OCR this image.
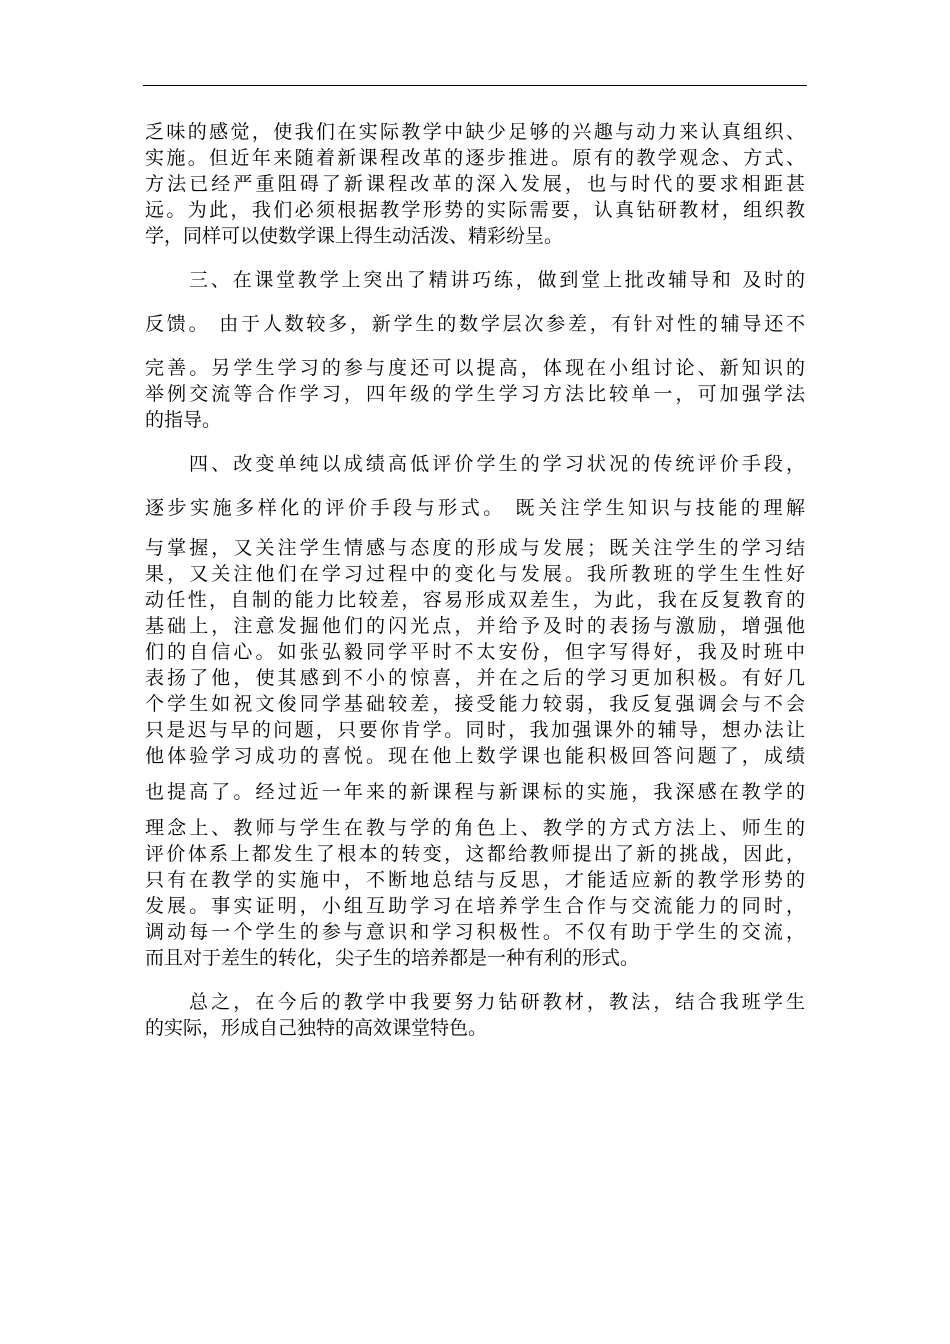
乏味的感觉，使我们在实际教学中缺少足够的兴趣与动力来认真组织、
实施。但近年来随着新课程改革的逐步推进。原有的教学观念、方式、
方法已经严重阻碍了新课程改革的深入发展，也与时代的要求相距甚
远。为此，我们必须根据教学形势的实际需要，认真钻研教材，组织教
学，同样可以使数学课上得生动活泼、精彩纷呈。
三、在课堂教学上突出了精讲巧练，做到堂上批改辅导和 及时的
反馈。 由于人数较多，新学生的数学层次参差，有针对性的辅导还不
完善。另学生学习的参与度还可以提高，体现在小组讨论、新知识的
举例交流等合作学习，四年级的学生学习方法比较单一，可加强学法
的指导。
四、改变单纯以成绩高低评价学生的学习状况的传统评价手段，
逐步实施多样化的评价手段与形式。 既关注学生知识与技能的理解
与掌握，又关注学生情感与态度的形成与发展；既关注学生的学习结
果，又关注他们在学习过程中的变化与发展。我所教班的学生生性好
动任性，自制的能力比较差，容易形成双差生，为此，我在反复教育的
基础上，注意发掘他们的闪光点，并给予及时的表扬与激励，增强他
们的自信心。如张弘毅同学平时不太安份，但字写得好，我及时班中
表扬了他，使其感到不小的惊喜，并在之后的学习更加积极。有好几
个学生如祝文俊同学基础较差，接受能力较弱，我反复强调会与不会
只是迟与早的问题，只要你肯学。同时，我加强课外的辅导，想办法让
他体验学习成功的喜悦。现在他上数学课也能积极回答问题了，成绩
也提高了。经过近一年来的新课程与新课标的实施，我深感在教学的
理念上、教师与学生在教与学的角色上、教学的方式方法上、师生的
评价体系上都发生了根本的转变，这都给教师提出了新的挑战，因此，
只有在教学的实施中，不断地总结与反思，才能适应新的教学形势的
发展。事实证明，小组互助学习在培养学生合作与交流能力的同时，
调动每一个学生的参与意识和学习积极性。不仅有助于学生的交流，
而且对于差生的转化，尖子生的培养都是一种有利的形式。
总之，在今后的教学中我要努力钻研教材，教法，结合我班学生
的实际，形成自己独特的高效课堂特色。
